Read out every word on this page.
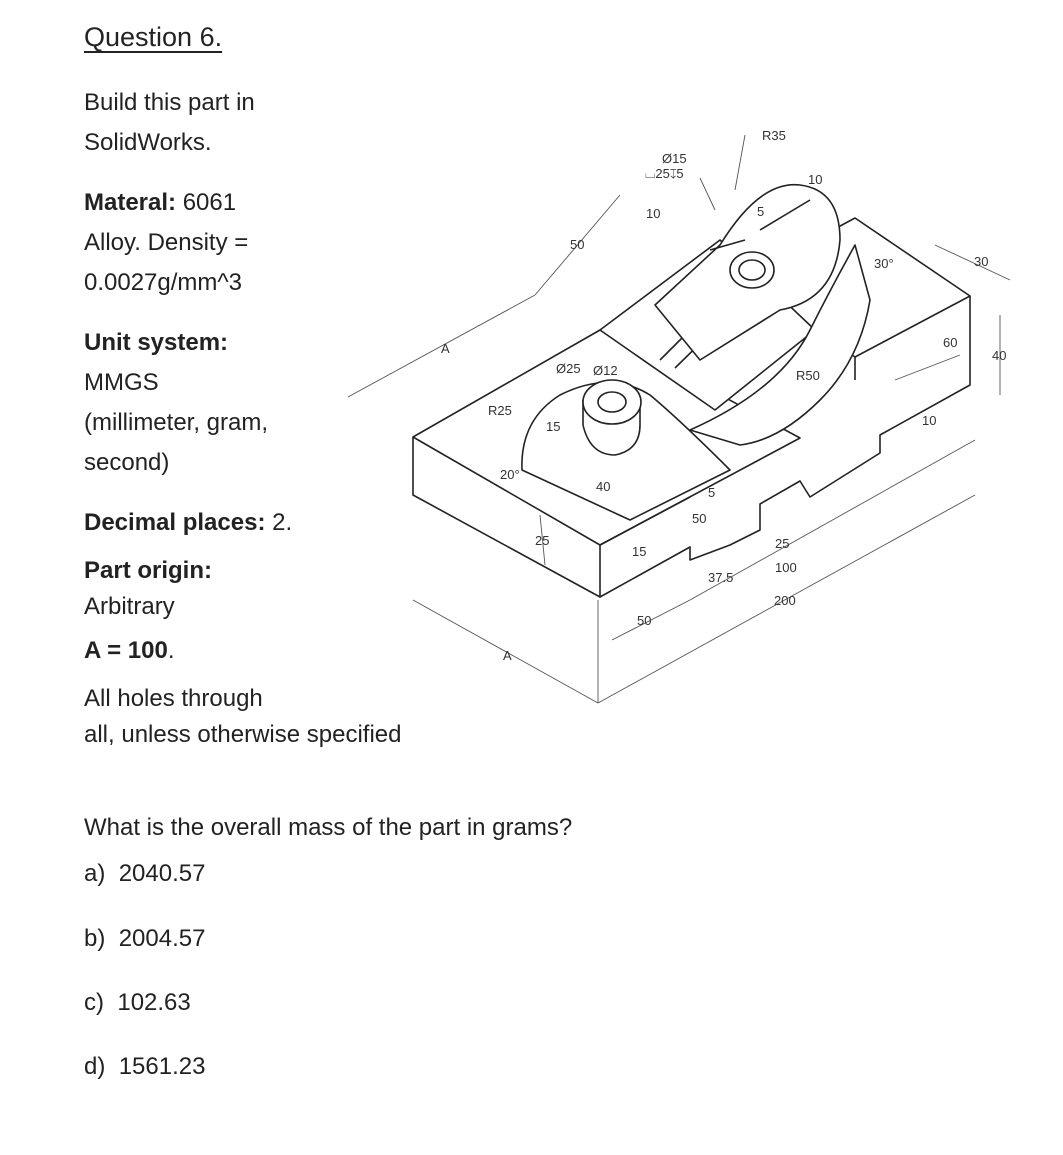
Question 6.
Build this part in
SolidWorks.
Materal: 6061
Alloy. Density =
0.0027g/mm^3
Unit system:
MMGS
(millimeter, gram,
second)
Decimal places: 2.
Part origin:
Arbitrary
A = 100.
All holes through
all, unless otherwise specified
What is the overall mass of the part in grams?
a) 2040.57
b) 2004.57
c) 102.63
d) 1561.23
R35
Ø15
⌴25↧5
10
10
5
50
30°	30
60
40
A
Ø25 Ø12
R25
R50
15	10
20°
40	5
50
25
15
25
37.5
100
200
50
A
